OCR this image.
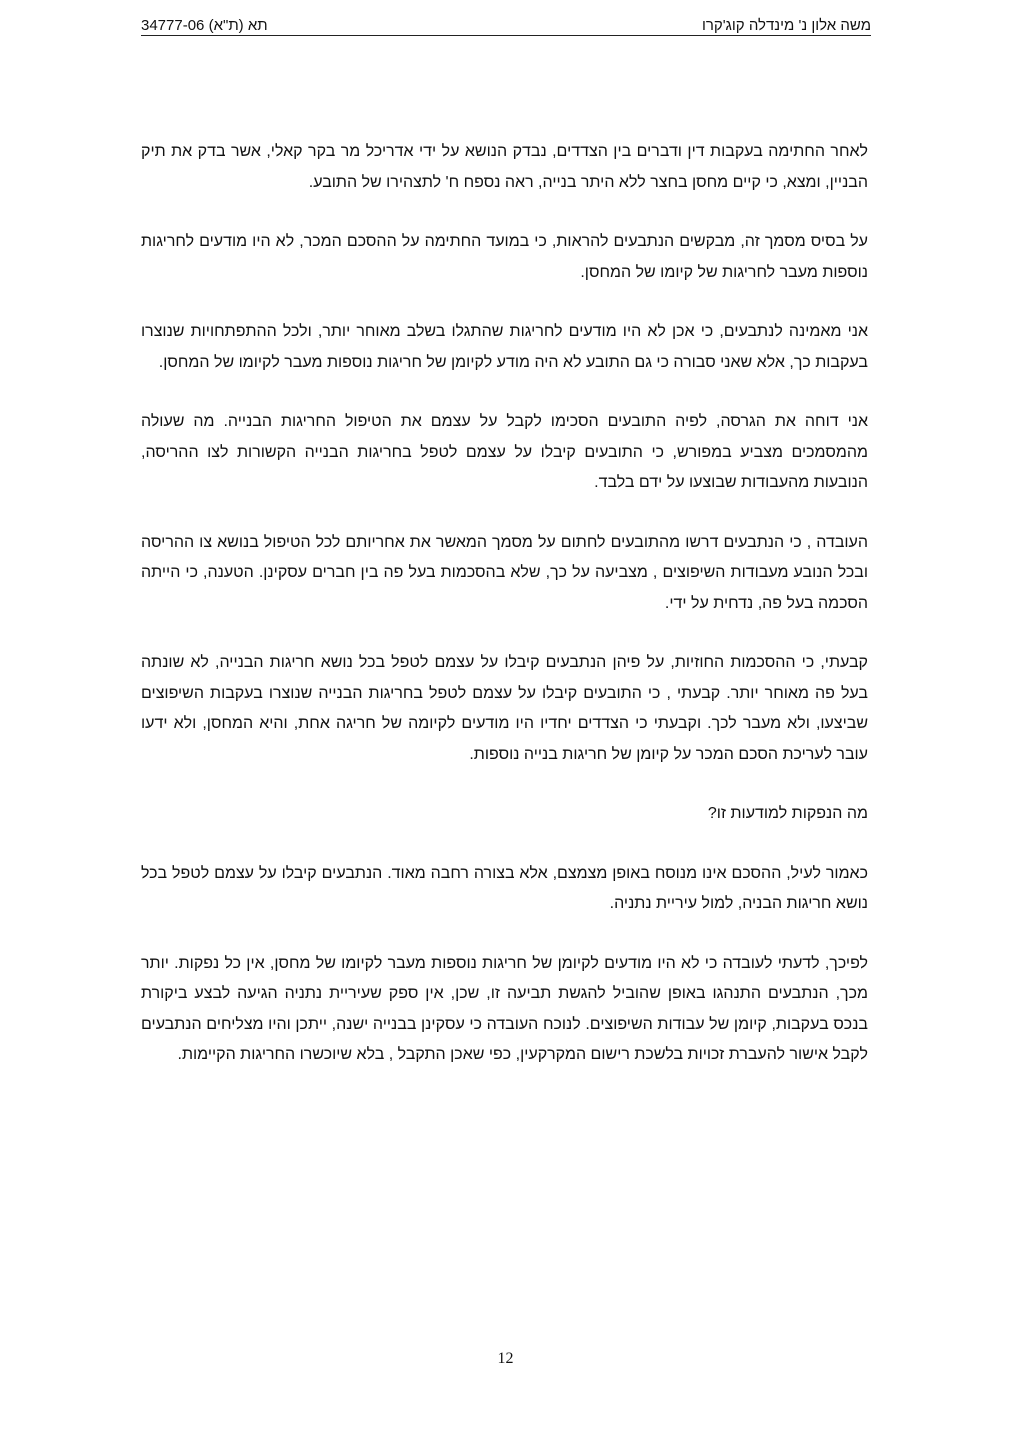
תא (ת"א) 34777-06	משה אלון נ' מינדלה קוג'קרו

לאחר החתימה בעקבות דין ודברים בין הצדדים, נבדק הנושא על ידי אדריכל מר בקר קאלי, אשר בדק את תיק הבניין, ומצא, כי קיים מחסן בחצר ללא היתר בנייה, ראה נספח ח' לתצהירו של התובע.

על בסיס מסמך זה, מבקשים הנתבעים להראות, כי במועד החתימה על ההסכם המכר, לא היו מודעים לחריגות נוספות מעבר לחריגות של קיומו של המחסן.

אני מאמינה לנתבעים, כי אכן לא היו מודעים לחריגות שהתגלו בשלב מאוחר יותר, ולכל ההתפתחויות שנוצרו בעקבות כך, אלא שאני סבורה כי גם התובע לא היה מודע לקיומן של חריגות נוספות מעבר לקיומו של המחסן.

אני דוחה את הגרסה, לפיה התובעים הסכימו לקבל על עצמם את הטיפול החריגות הבנייה. מה שעולה מהמסמכים מצביע במפורש, כי התובעים קיבלו על עצמם לטפל בחריגות הבנייה הקשורות לצו ההריסה, הנובעות מהעבודות שבוצעו על ידם בלבד.

העובדה , כי הנתבעים דרשו מהתובעים לחתום על מסמך המאשר את אחריותם לכל הטיפול בנושא צו ההריסה ובכל הנובע מעבודות השיפוצים , מצביעה על כך, שלא בהסכמות בעל פה בין חברים עסקינן. הטענה, כי הייתה הסכמה בעל פה, נדחית על ידי.

קבעתי, כי ההסכמות החוזיות, על פיהן הנתבעים קיבלו על עצמם לטפל בכל נושא חריגות הבנייה, לא שונתה בעל פה מאוחר יותר. קבעתי , כי התובעים קיבלו על עצמם לטפל בחריגות הבנייה שנוצרו בעקבות השיפוצים שביצעו, ולא מעבר לכך. וקבעתי כי הצדדים יחדיו היו מודעים לקיומה של חריגה אחת, והיא המחסן, ולא ידעו עובר לעריכת הסכם המכר על קיומן של חריגות בנייה נוספות.

מה הנפקות למודעות זו?

כאמור לעיל, ההסכם אינו מנוסח באופן מצמצם, אלא בצורה רחבה מאוד. הנתבעים קיבלו על עצמם לטפל בכל נושא חריגות הבניה, למול עיריית נתניה.

לפיכך, לדעתי לעובדה כי לא היו מודעים לקיומן של חריגות נוספות מעבר לקיומו של מחסן, אין כל נפקות. יותר מכך, הנתבעים התנהגו באופן שהוביל להגשת תביעה זו, שכן, אין ספק שעיריית נתניה הגיעה לבצע ביקורת בנכס בעקבות, קיומן של עבודות השיפוצים. לנוכח העובדה כי עסקינן בבנייה ישנה, ייתכן והיו מצליחים הנתבעים לקבל אישור להעברת זכויות בלשכת רישום המקרקעין, כפי שאכן התקבל , בלא שיוכשרו החריגות הקיימות.

12
